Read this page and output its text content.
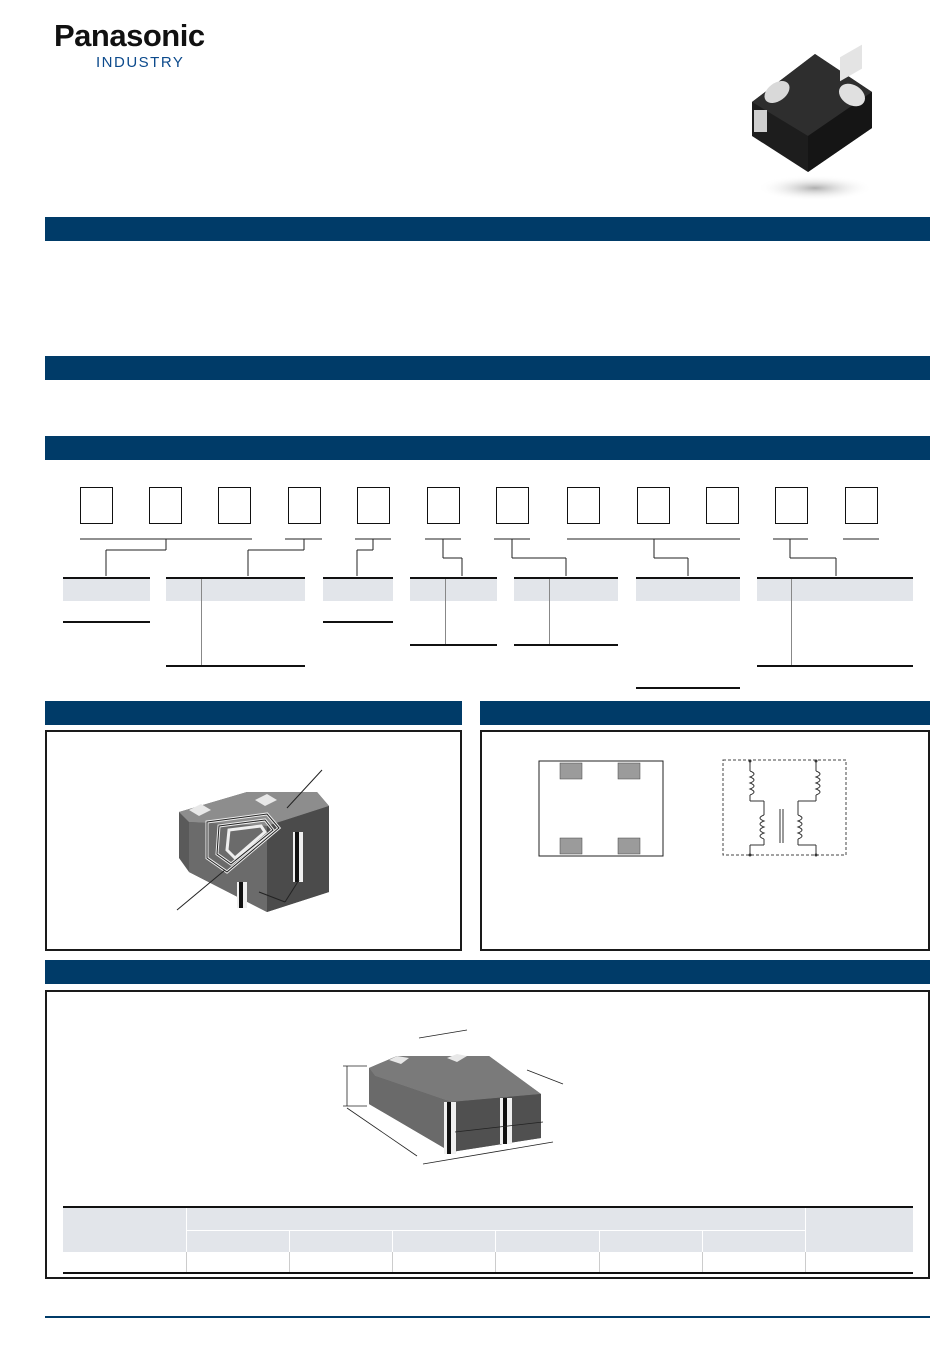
Panasonic
INDUSTRY
